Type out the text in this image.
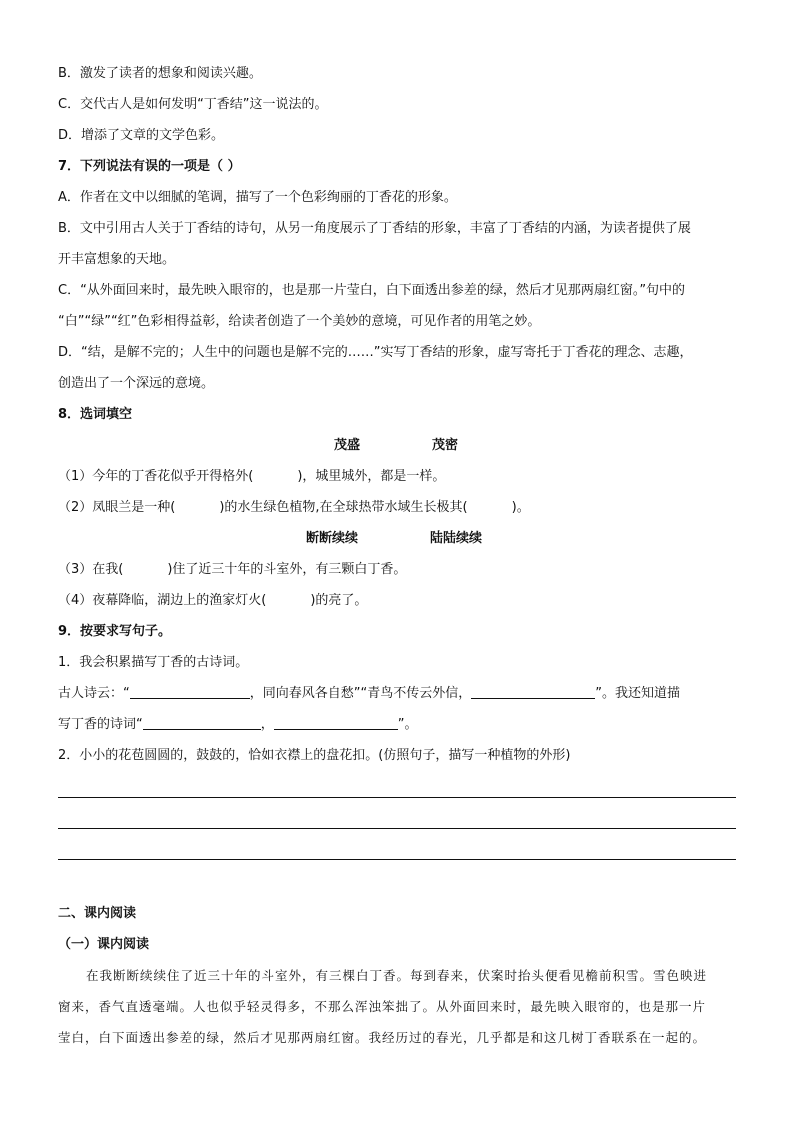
B．激发了读者的想象和阅读兴趣。
C．交代古人是如何发明“丁香结”这一说法的。
D．增添了文章的文学色彩。
7．下列说法有误的一项是（ ）
A．作者在文中以细腻的笔调，描写了一个色彩绚丽的丁香花的形象。
B．文中引用古人关于丁香结的诗句，从另一角度展示了丁香结的形象，丰富了丁香结的内涵，为读者提供了展
开丰富想象的天地。
C．“从外面回来时，最先映入眼帘的，也是那一片莹白，白下面透出参差的绿，然后才见那两扇红窗。”句中的
“白”“绿”“红”色彩相得益彰，给读者创造了一个美妙的意境，可见作者的用笔之妙。
D．“结，是解不完的；人生中的问题也是解不完的……”实写丁香结的形象，虚写寄托于丁香花的理念、志趣，
创造出了一个深远的意境。
8．选词填空
茂盛	茂密
（1）今年的丁香花似乎开得格外(	)，城里城外，都是一样。
（2）凤眼兰是一种(	)的水生绿色植物,在全球热带水域生长极其(	)。
断断续续	陆陆续续
（3）在我(	)住了近三十年的斗室外，有三颗白丁香。
（4）夜幕降临，湖边上的渔家灯火(	)的亮了。
9．按要求写句子。
1．我会积累描写丁香的古诗词。
古人诗云：“	，同向春风各自愁”“青鸟不传云外信，	”。我还知道描
写丁香的诗词“	，	”。
2．小小的花苞圆圆的，鼓鼓的，恰如衣襟上的盘花扣。(仿照句子，描写一种植物的外形)
二、课内阅读
（一）课内阅读
在我断断续续住了近三十年的斗室外，有三棵白丁香。每到春来，伏案时抬头便看见檐前积雪。雪色映进
窗来，香气直透毫端。人也似乎轻灵得多，不那么浑浊笨拙了。从外面回来时，最先映入眼帘的，也是那一片
莹白，白下面透出参差的绿，然后才见那两扇红窗。我经历过的春光，几乎都是和这几树丁香联系在一起的。
